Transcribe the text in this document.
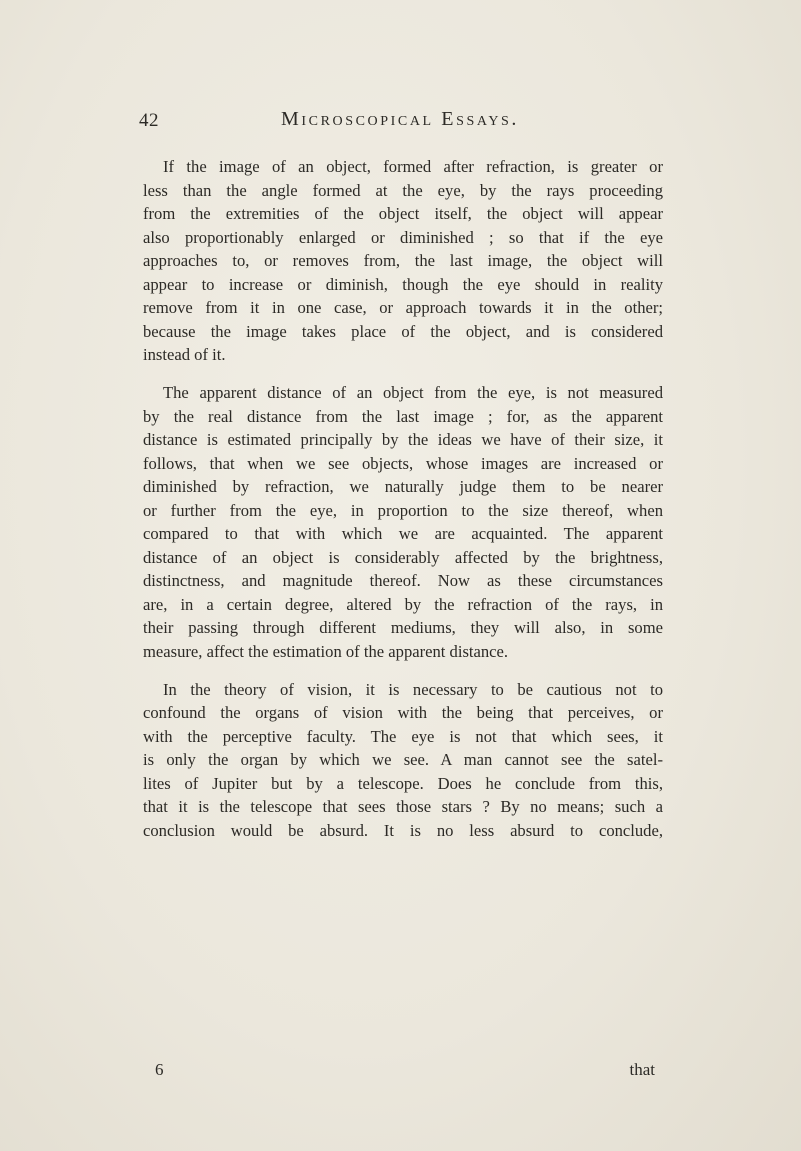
42	Microscopical Essays.

If the image of an object, formed after refraction, is greater or
less than the angle formed at the eye, by the rays proceeding
from the extremities of the object itself, the object will appear
also proportionably enlarged or diminished ; so that if the eye
approaches to, or removes from, the last image, the object will
appear to increase or diminish, though the eye should in reality
remove from it in one case, or approach towards it in the other;
because the image takes place of the object, and is considered
instead of it.

The apparent distance of an object from the eye, is not measured
by the real distance from the last image ; for, as the apparent
distance is estimated principally by the ideas we have of their size, it
follows, that when we see objects, whose images are increased or
diminished by refraction, we naturally judge them to be nearer
or further from the eye, in proportion to the size thereof, when
compared to that with which we are acquainted. The apparent
distance of an object is considerably affected by the brightness,
distinctness, and magnitude thereof. Now as these circumstances
are, in a certain degree, altered by the refraction of the rays, in
their passing through different mediums, they will also, in some
measure, affect the estimation of the apparent distance.

In the theory of vision, it is necessary to be cautious not to
confound the organs of vision with the being that perceives, or
with the perceptive faculty. The eye is not that which sees, it
is only the organ by which we see. A man cannot see the satel-
lites of Jupiter but by a telescope. Does he conclude from this,
that it is the telescope that sees those stars ? By no means; such a
conclusion would be absurd. It is no less absurd to conclude,

6	that
